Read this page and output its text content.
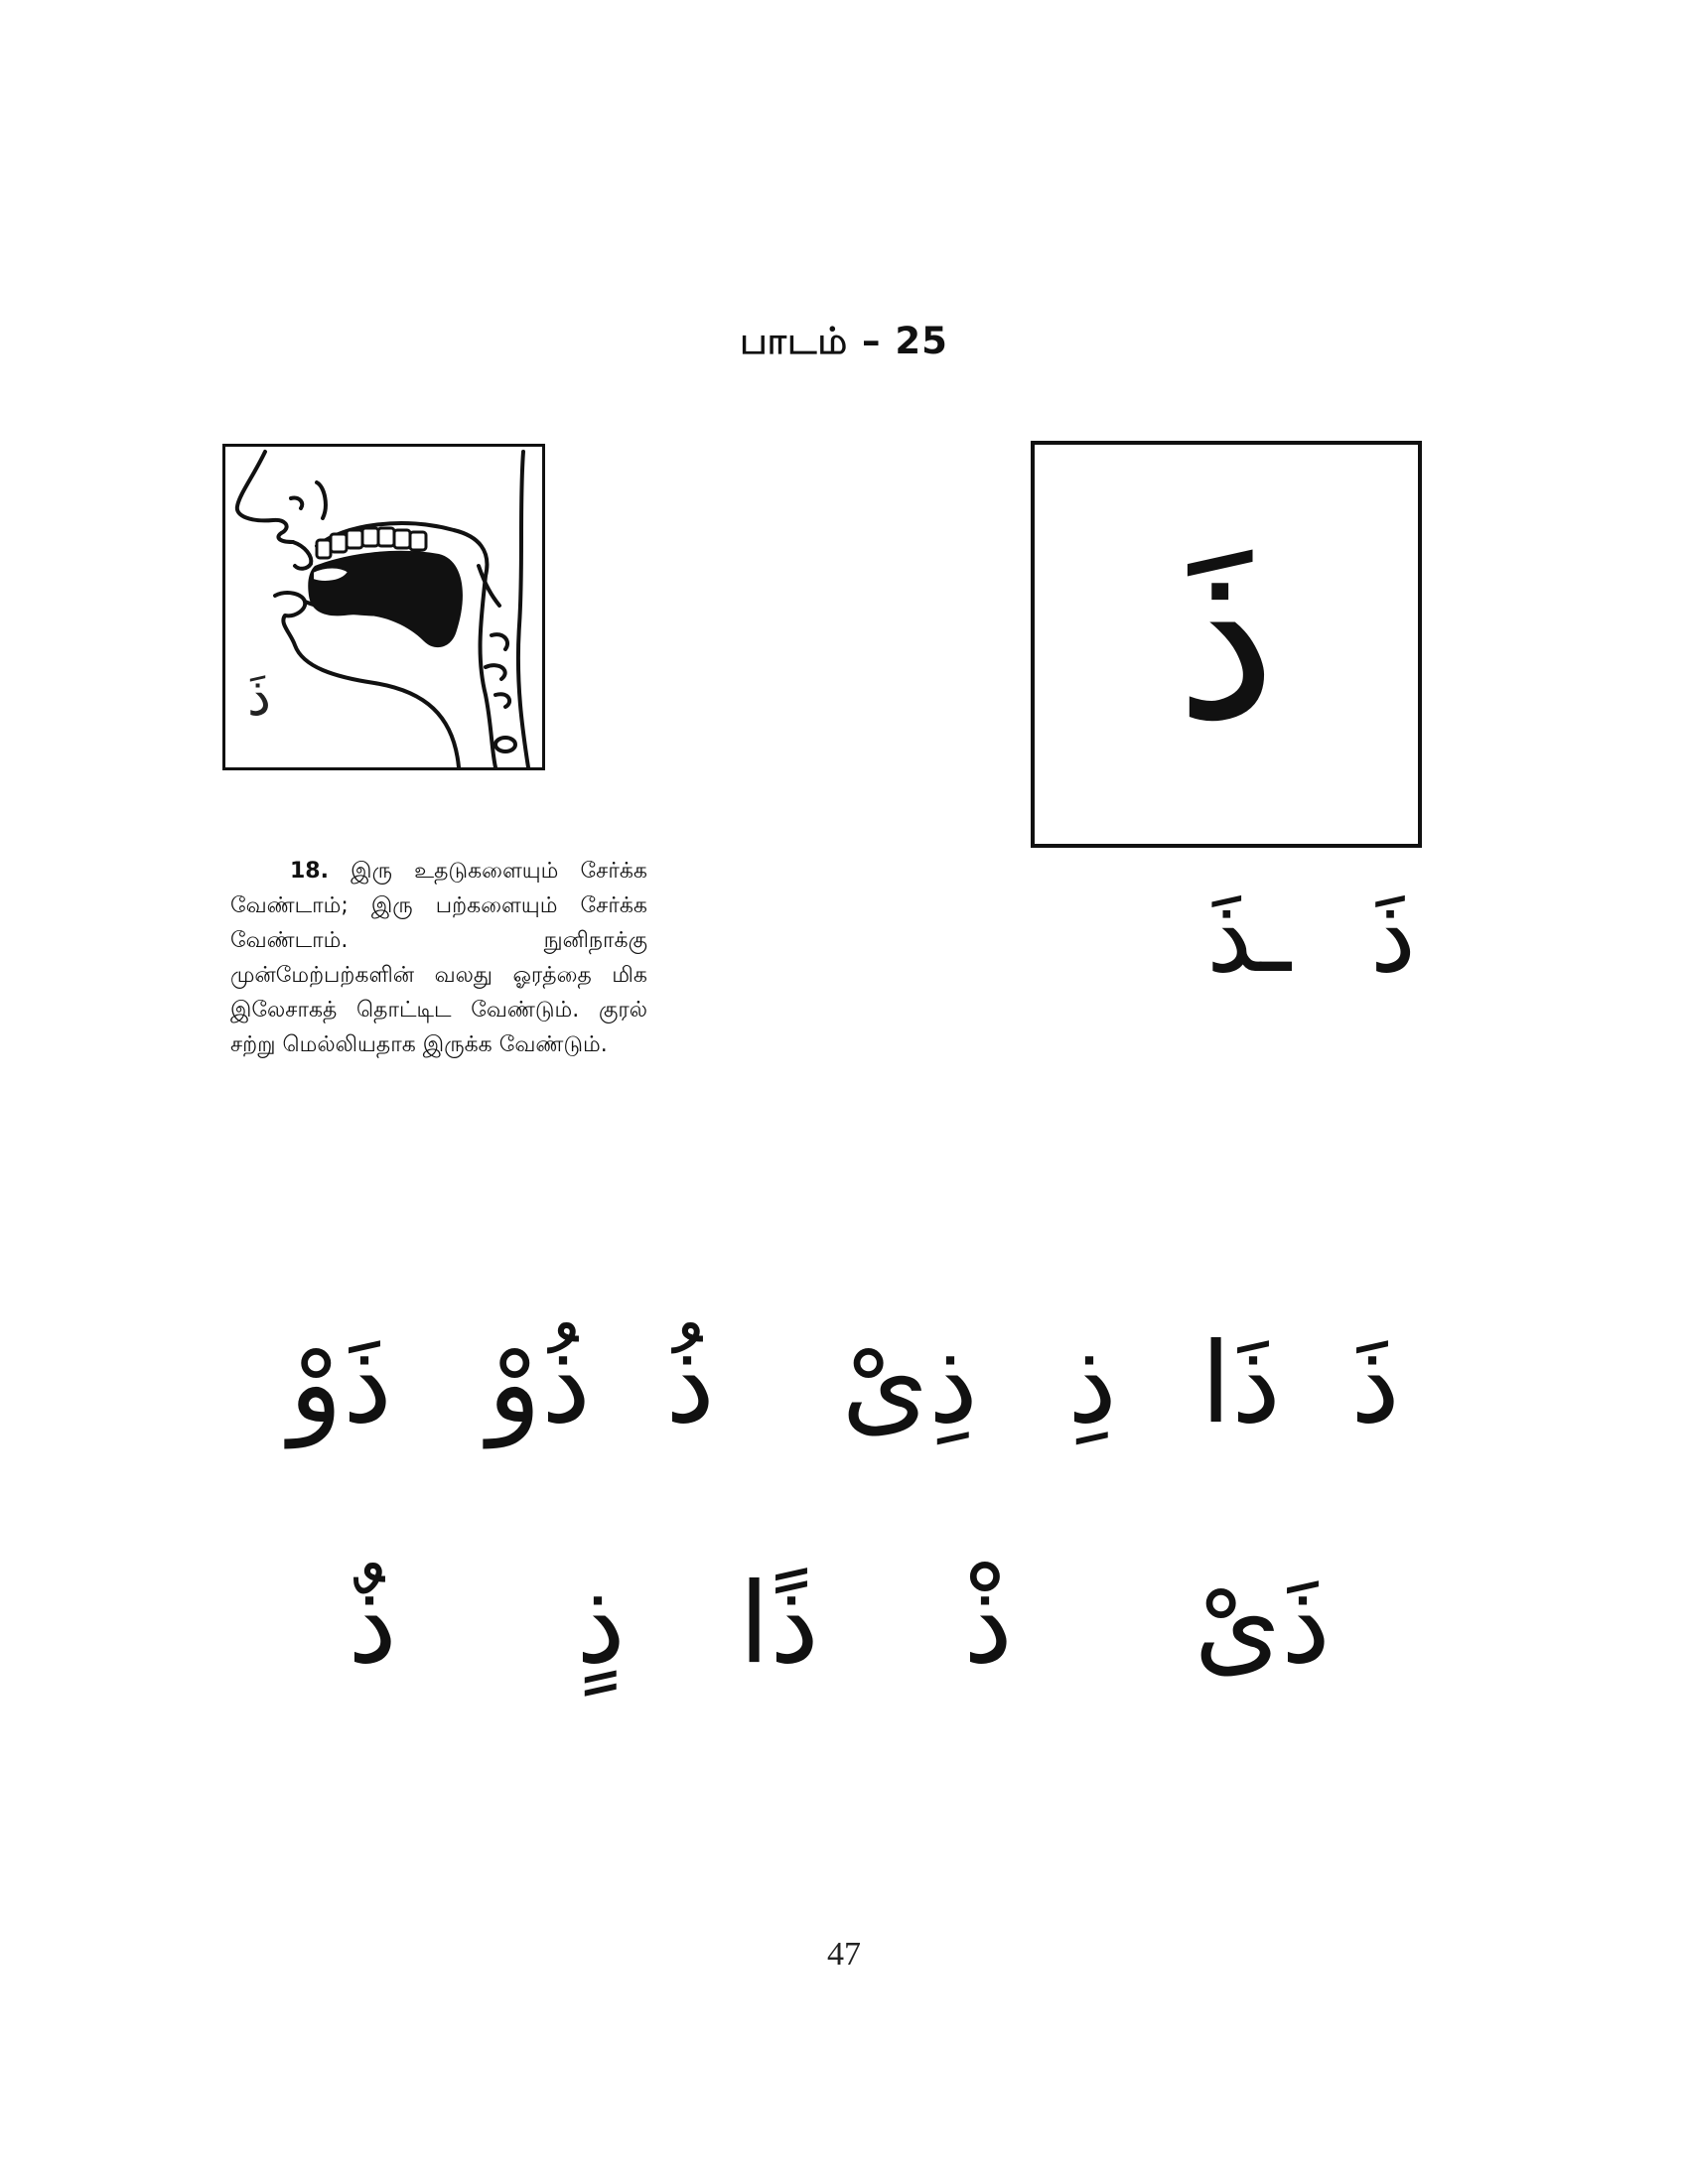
பாடம் – 25
ذَ
18. இரு உதடுகளையும் சேர்க்க வேண்டாம்; இரு பற்களையும் சேர்க்க வேண்டாம். நுனிநாக்கு முன்மேற்பற்களின் வலது ஓரத்தை மிக இலேசாகத் தொட்டிட வேண்டும். குரல் சற்று மெல்லியதாக இருக்க வேண்டும்.
ذَ
ذَ
ـذَ
ذَ
ذَا
ذِ
ذِیْ
ذُ
ذُوْ
ذَوْ
ذَیْ
ذْ
ذًا
ذٍ
ذٌ
47
